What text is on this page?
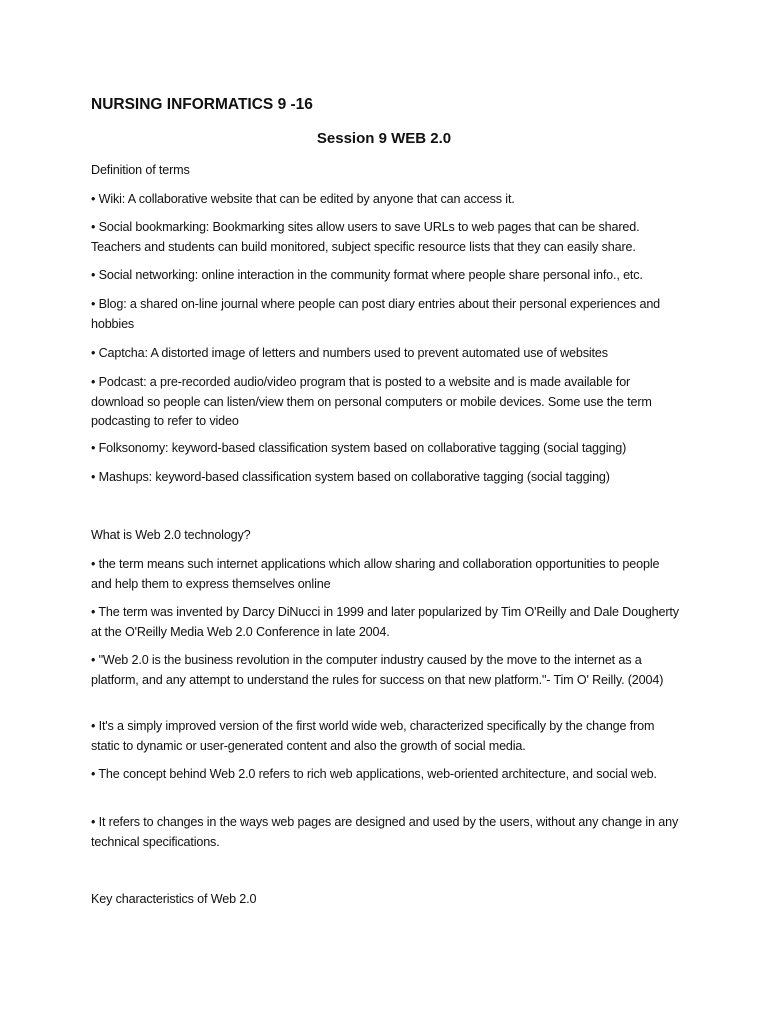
NURSING INFORMATICS 9 -16
Session 9 WEB 2.0
Definition of terms
• Wiki: A collaborative website that can be edited by anyone that can access it.
• Social bookmarking: Bookmarking sites allow users to save URLs to web pages that can be shared. Teachers and students can build monitored, subject specific resource lists that they can easily share.
• Social networking: online interaction in the community format where people share personal info., etc.
• Blog: a shared on-line journal where people can post diary entries about their personal experiences and hobbies
• Captcha: A distorted image of letters and numbers used to prevent automated use of websites
• Podcast: a pre-recorded audio/video program that is posted to a website and is made available for download so people can listen/view them on personal computers or mobile devices. Some use the term podcasting to refer to video
• Folksonomy: keyword-based classification system based on collaborative tagging (social tagging)
• Mashups: keyword-based classification system based on collaborative tagging (social tagging)
What is Web 2.0 technology?
• the term means such internet applications which allow sharing and collaboration opportunities to people and help them to express themselves online
• The term was invented by Darcy DiNucci in 1999 and later popularized by Tim O'Reilly and Dale Dougherty at the O'Reilly Media Web 2.0 Conference in late 2004.
• "Web 2.0 is the business revolution in the computer industry caused by the move to the internet as a platform, and any attempt to understand the rules for success on that new platform."- Tim O' Reilly. (2004)
• It's a simply improved version of the first world wide web, characterized specifically by the change from static to dynamic or user-generated content and also the growth of social media.
• The concept behind Web 2.0 refers to rich web applications, web-oriented architecture, and social web.
• It refers to changes in the ways web pages are designed and used by the users, without any change in any technical specifications.
Key characteristics of Web 2.0
